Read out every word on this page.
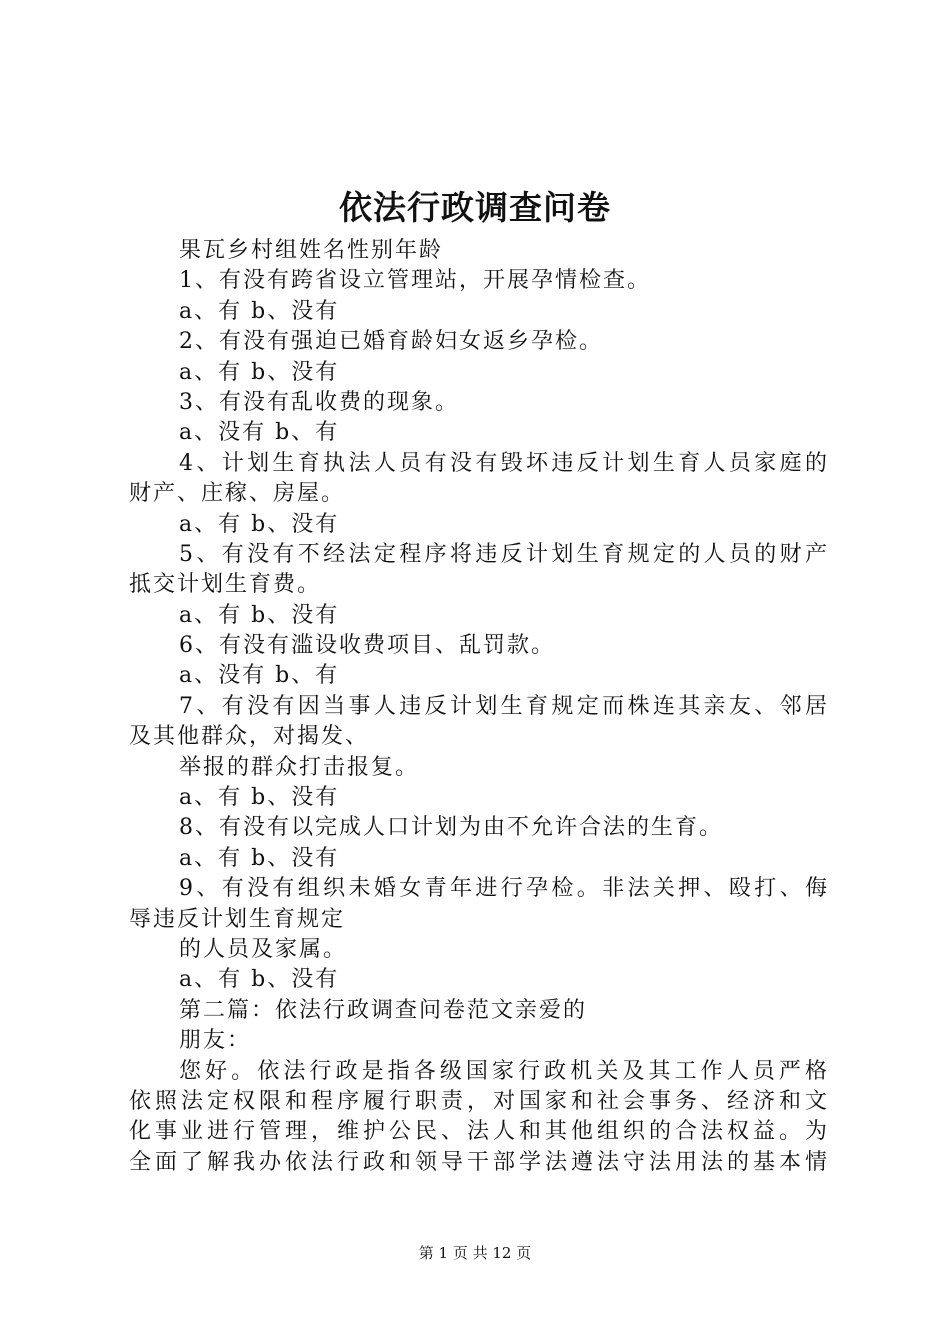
依法行政调查问卷
果瓦乡村组姓名性别年龄
1、有没有跨省设立管理站，开展孕情检查。
a、有 b、没有
2、有没有强迫已婚育龄妇女返乡孕检。
a、有 b、没有
3、有没有乱收费的现象。
a、没有 b、有
4、计划生育执法人员有没有毁坏违反计划生育人员家庭的
财产、庄稼、房屋。
a、有 b、没有
5、有没有不经法定程序将违反计划生育规定的人员的财产
抵交计划生育费。
a、有 b、没有
6、有没有滥设收费项目、乱罚款。
a、没有 b、有
7、有没有因当事人违反计划生育规定而株连其亲友、邻居
及其他群众，对揭发、
举报的群众打击报复。
a、有 b、没有
8、有没有以完成人口计划为由不允许合法的生育。
a、有 b、没有
9、有没有组织未婚女青年进行孕检。非法关押、殴打、侮
辱违反计划生育规定
的人员及家属。
a、有 b、没有
第二篇：依法行政调查问卷范文亲爱的
朋友：
您好。依法行政是指各级国家行政机关及其工作人员严格
依照法定权限和程序履行职责，对国家和社会事务、经济和文
化事业进行管理，维护公民、法人和其他组织的合法权益。为
全面了解我办依法行政和领导干部学法遵法守法用法的基本情
第 1 页 共 12 页
